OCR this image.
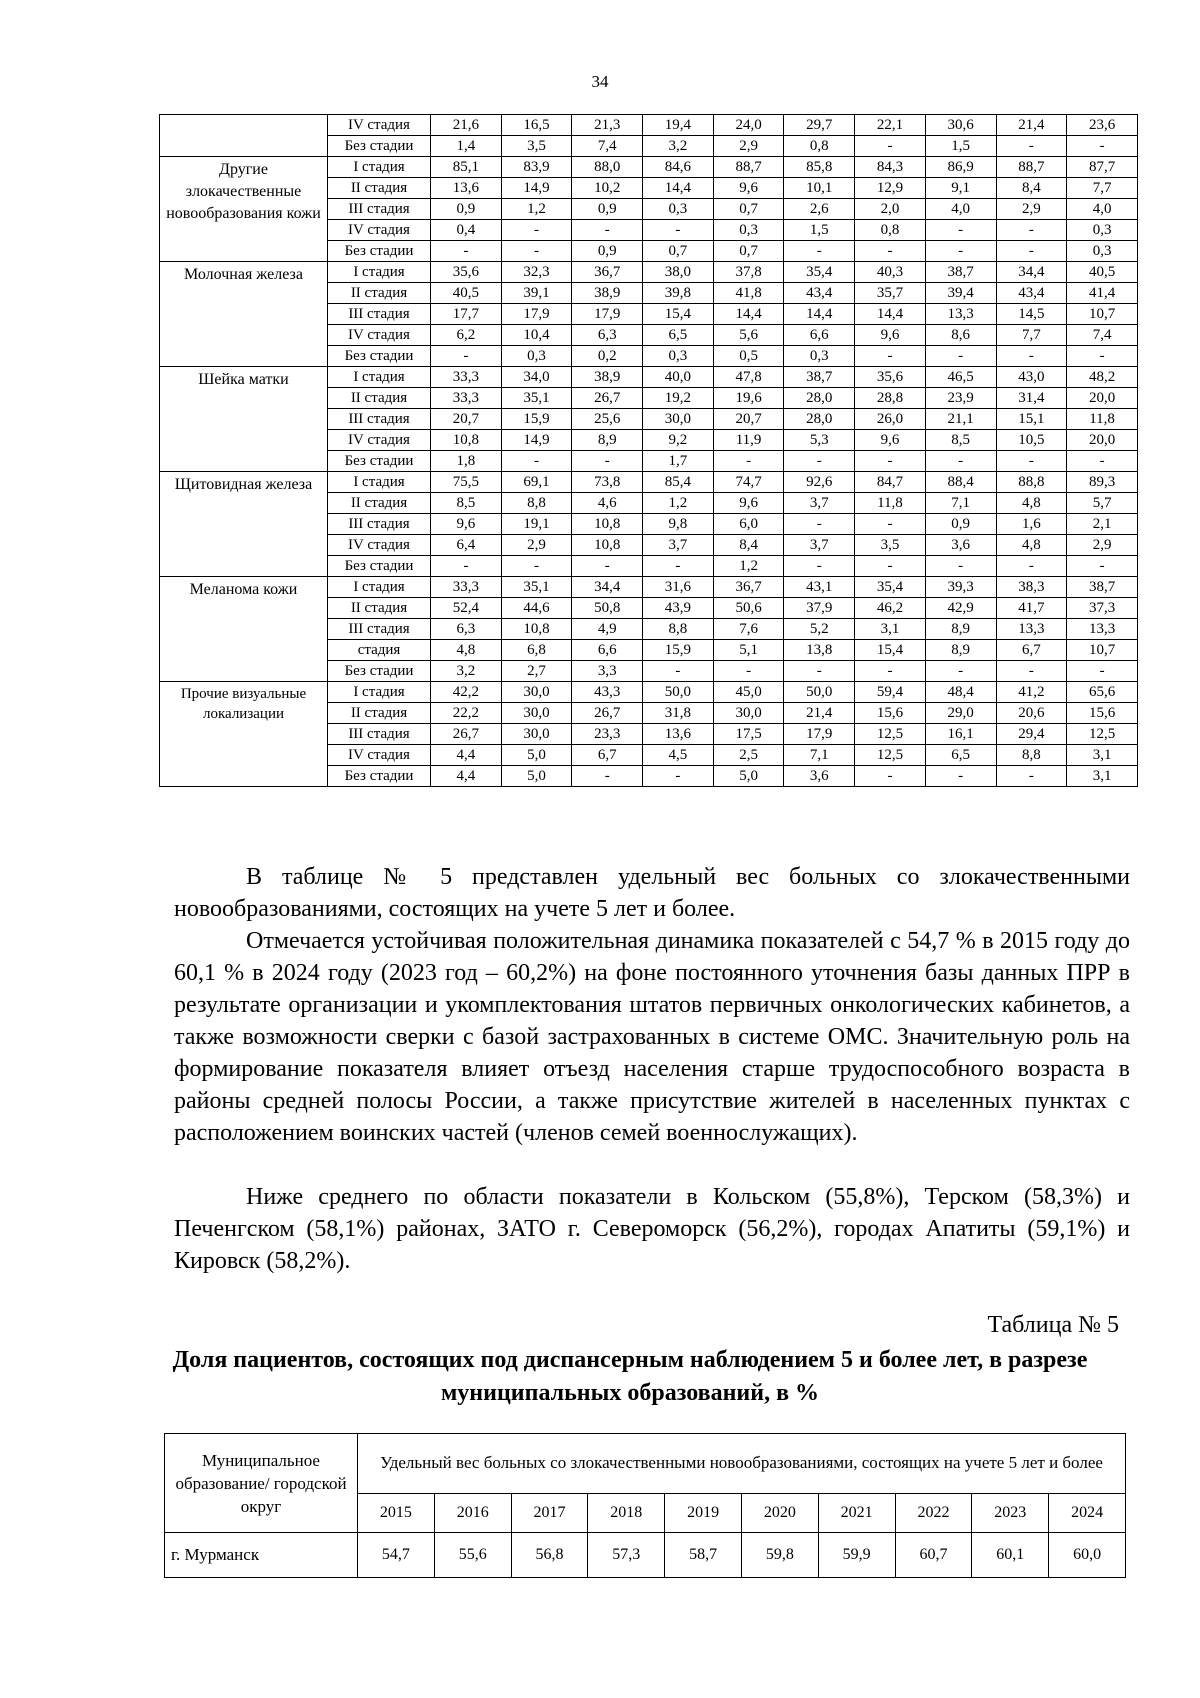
34
	IV стадия	21,6	16,5	21,3	19,4	24,0	29,7	22,1	30,6	21,4	23,6
	Без стадии	1,4	3,5	7,4	3,2	2,9	0,8	-	1,5	-	-
Другие злокачественные новообразования кожи	I стадия	85,1	83,9	88,0	84,6	88,7	85,8	84,3	86,9	88,7	87,7
	II стадия	13,6	14,9	10,2	14,4	9,6	10,1	12,9	9,1	8,4	7,7
	III стадия	0,9	1,2	0,9	0,3	0,7	2,6	2,0	4,0	2,9	4,0
	IV стадия	0,4	-	-	-	0,3	1,5	0,8	-	-	0,3
	Без стадии	-	-	0,9	0,7	0,7	-	-	-	-	0,3
Молочная железа	I стадия	35,6	32,3	36,7	38,0	37,8	35,4	40,3	38,7	34,4	40,5
	II стадия	40,5	39,1	38,9	39,8	41,8	43,4	35,7	39,4	43,4	41,4
	III стадия	17,7	17,9	17,9	15,4	14,4	14,4	14,4	13,3	14,5	10,7
	IV стадия	6,2	10,4	6,3	6,5	5,6	6,6	9,6	8,6	7,7	7,4
	Без стадии	-	0,3	0,2	0,3	0,5	0,3	-	-	-	-
Шейка матки	I стадия	33,3	34,0	38,9	40,0	47,8	38,7	35,6	46,5	43,0	48,2
	II стадия	33,3	35,1	26,7	19,2	19,6	28,0	28,8	23,9	31,4	20,0
	III стадия	20,7	15,9	25,6	30,0	20,7	28,0	26,0	21,1	15,1	11,8
	IV стадия	10,8	14,9	8,9	9,2	11,9	5,3	9,6	8,5	10,5	20,0
	Без стадии	1,8	-	-	1,7	-	-	-	-	-	-
Щитовидная железа	I стадия	75,5	69,1	73,8	85,4	74,7	92,6	84,7	88,4	88,8	89,3
	II стадия	8,5	8,8	4,6	1,2	9,6	3,7	11,8	7,1	4,8	5,7
	III стадия	9,6	19,1	10,8	9,8	6,0	-	-	0,9	1,6	2,1
	IV стадия	6,4	2,9	10,8	3,7	8,4	3,7	3,5	3,6	4,8	2,9
	Без стадии	-	-	-	-	1,2	-	-	-	-	-
Меланома кожи	I стадия	33,3	35,1	34,4	31,6	36,7	43,1	35,4	39,3	38,3	38,7
	II стадия	52,4	44,6	50,8	43,9	50,6	37,9	46,2	42,9	41,7	37,3
	III стадия	6,3	10,8	4,9	8,8	7,6	5,2	3,1	8,9	13,3	13,3
	стадия	4,8	6,8	6,6	15,9	5,1	13,8	15,4	8,9	6,7	10,7
	Без стадии	3,2	2,7	3,3	-	-	-	-	-	-	-
Прочие визуальные локализации	I стадия	42,2	30,0	43,3	50,0	45,0	50,0	59,4	48,4	41,2	65,6
	II стадия	22,2	30,0	26,7	31,8	30,0	21,4	15,6	29,0	20,6	15,6
	III стадия	26,7	30,0	23,3	13,6	17,5	17,9	12,5	16,1	29,4	12,5
	IV стадия	4,4	5,0	6,7	4,5	2,5	7,1	12,5	6,5	8,8	3,1
	Без стадии	4,4	5,0	-	-	5,0	3,6	-	-	-	3,1

В таблице № 5 представлен удельный вес больных со злокачественными новообразованиями, состоящих на учете 5 лет и более.

Отмечается устойчивая положительная динамика показателей с 54,7 % в 2015 году до 60,1 % в 2024 году (2023 год – 60,2%) на фоне постоянного уточнения базы данных ПРР в результате организации и укомплектования штатов первичных онкологических кабинетов, а также возможности сверки с базой застрахованных в системе ОМС. Значительную роль на формирование показателя влияет отъезд населения старше трудоспособного возраста в районы средней полосы России, а также присутствие жителей в населенных пунктах с расположением воинских частей (членов семей военнослужащих).

Ниже среднего по области показатели в Кольском (55,8%), Терском (58,3%) и Печенгском (58,1%) районах, ЗАТО г. Североморск (56,2%), городах Апатиты (59,1%) и Кировск (58,2%).

Таблица № 5
Доля пациентов, состоящих под диспансерным наблюдением 5 и более лет, в разрезе муниципальных образований, в %
Муниципальное образование/ городской округ	Удельный вес больных со злокачественными новообразованиями, состоящих на учете 5 лет и более									
	2015	2016	2017	2018	2019	2020	2021	2022	2023	2024
г. Мурманск	54,7	55,6	56,8	57,3	58,7	59,8	59,9	60,7	60,1	60,0
